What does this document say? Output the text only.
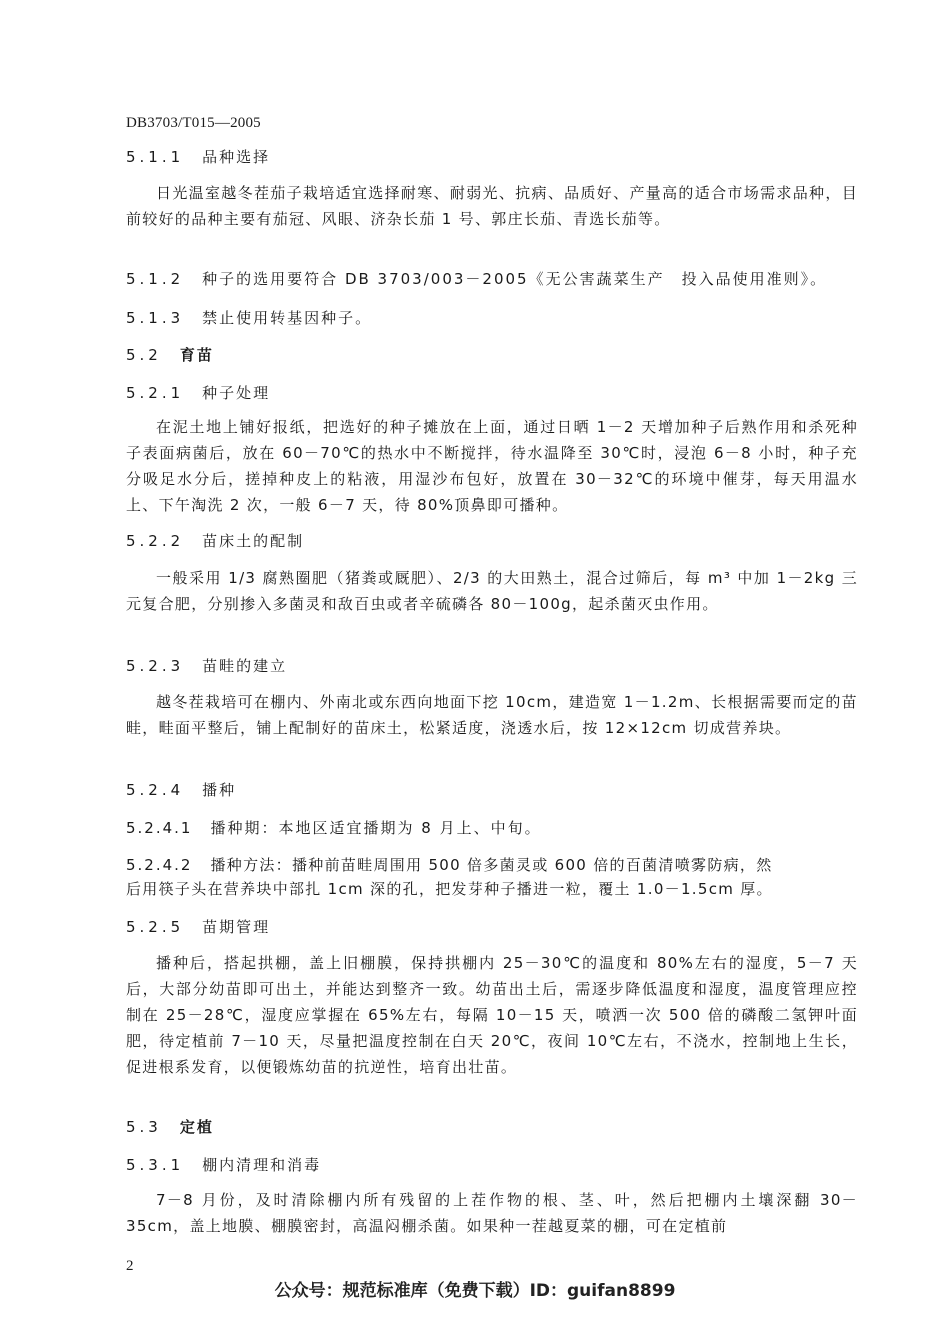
DB3703/T015—2005
5.1.1 品种选择
日光温室越冬茬茄子栽培适宜选择耐寒、耐弱光、抗病、品质好、产量高的适合市场需求品种，目前较好的品种主要有茄冠、风眼、济杂长茄 1 号、郭庄长茄、青选长茄等。
5.1.2 种子的选用要符合 DB 3703/003－2005《无公害蔬菜生产　投入品使用准则》。
5.1.3 禁止使用转基因种子。
5.2 育苗
5.2.1 种子处理
在泥土地上铺好报纸，把选好的种子摊放在上面，通过日晒 1－2 天增加种子后熟作用和杀死种子表面病菌后，放在 60－70℃的热水中不断搅拌，待水温降至 30℃时，浸泡 6－8 小时，种子充分吸足水分后，搓掉种皮上的粘液，用湿沙布包好，放置在 30－32℃的环境中催芽，每天用温水上、下午淘洗 2 次，一般 6－7 天，待 80%顶鼻即可播种。
5.2.2 苗床土的配制
一般采用 1/3 腐熟圈肥（猪粪或厩肥）、2/3 的大田熟土，混合过筛后，每 m³ 中加 1－2kg 三元复合肥，分别掺入多菌灵和敌百虫或者辛硫磷各 80－100g，起杀菌灭虫作用。
5.2.3 苗畦的建立
越冬茬栽培可在棚内、外南北或东西向地面下挖 10cm，建造宽 1－1.2m、长根据需要而定的苗畦，畦面平整后，铺上配制好的苗床土，松紧适度，浇透水后，按 12×12cm 切成营养块。
5.2.4 播种
5.2.4.1 播种期：本地区适宜播期为 8 月上、中旬。
5.2.4.2 播种方法：播种前苗畦周围用 500 倍多菌灵或 600 倍的百菌清喷雾防病，然
后用筷子头在营养块中部扎 1cm 深的孔，把发芽种子播进一粒，覆土 1.0－1.5cm 厚。
5.2.5 苗期管理
播种后，搭起拱棚，盖上旧棚膜，保持拱棚内 25－30℃的温度和 80%左右的湿度，5－7 天后，大部分幼苗即可出土，并能达到整齐一致。幼苗出土后，需逐步降低温度和湿度，温度管理应控制在 25－28℃，湿度应掌握在 65%左右，每隔 10－15 天，喷洒一次 500 倍的磷酸二氢钾叶面肥，待定植前 7－10 天，尽量把温度控制在白天 20℃，夜间 10℃左右，不浇水，控制地上生长，促进根系发育，以便锻炼幼苗的抗逆性，培育出壮苗。
5.3 定植
5.3.1 棚内清理和消毒
7－8 月份，及时清除棚内所有残留的上茬作物的根、茎、叶，然后把棚内土壤深翻 30－35cm，盖上地膜、棚膜密封，高温闷棚杀菌。如果种一茬越夏菜的棚，可在定植前
2
公众号：规范标准库（免费下载）ID：guifan8899
